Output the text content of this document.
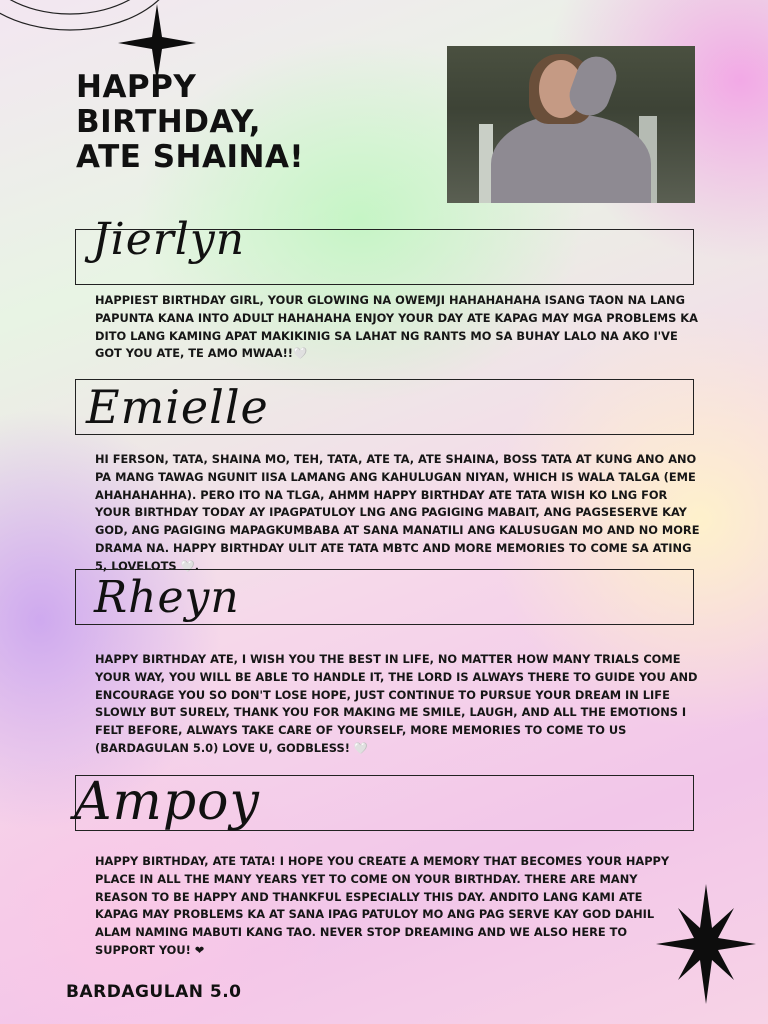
HAPPY
BIRTHDAY,
ATE SHAINA!
Jierlyn

HAPPIEST BIRTHDAY GIRL, YOUR GLOWING NA OWEMJI HAHAHAHAHA ISANG TAON NA LANG PAPUNTA KANA INTO ADULT HAHAHAHA ENJOY YOUR DAY ATE KAPAG MAY MGA PROBLEMS KA DITO LANG KAMING APAT MAKIKINIG SA LAHAT NG RANTS MO SA BUHAY LALO NA AKO I'VE GOT YOU ATE, TE AMO MWAA!!🤍

Emielle

HI FERSON, TATA, SHAINA MO, TEH, TATA, ATE TA, ATE SHAINA, BOSS TATA AT KUNG ANO ANO PA MANG TAWAG NGUNIT IISA LAMANG ANG KAHULUGAN NIYAN, WHICH IS WALA TALGA (EME AHAHAHAHHA). PERO ITO NA TLGA, AHMM HAPPY BIRTHDAY ATE TATA WISH KO LNG FOR YOUR BIRTHDAY TODAY AY IPAGPATULOY LNG ANG PAGIGING MABAIT, ANG PAGSESERVE KAY GOD, ANG PAGIGING MAPAGKUMBABA AT SANA MANATILI ANG KALUSUGAN MO AND NO MORE DRAMA NA. HAPPY BIRTHDAY ULIT ATE TATA MBTC AND MORE MEMORIES TO COME SA ATING 5, LOVELOTS 🤍.

Rheyn

HAPPY BIRTHDAY ATE, I WISH YOU THE BEST IN LIFE, NO MATTER HOW MANY TRIALS COME YOUR WAY, YOU WILL BE ABLE TO HANDLE IT, THE LORD IS ALWAYS THERE TO GUIDE YOU AND ENCOURAGE YOU SO DON'T LOSE HOPE, JUST CONTINUE TO PURSUE YOUR DREAM IN LIFE SLOWLY BUT SURELY, THANK YOU FOR MAKING ME SMILE, LAUGH, AND ALL THE EMOTIONS I FELT BEFORE, ALWAYS TAKE CARE OF YOURSELF, MORE MEMORIES TO COME TO US (BARDAGULAN 5.0) LOVE U, GODBLESS! 🤍

Ampoy

HAPPY BIRTHDAY, ATE TATA! I HOPE YOU CREATE A MEMORY THAT BECOMES YOUR HAPPY PLACE IN ALL THE MANY YEARS YET TO COME ON YOUR BIRTHDAY. THERE ARE MANY REASON TO BE HAPPY AND THANKFUL ESPECIALLY THIS DAY. ANDITO LANG KAMI ATE KAPAG MAY PROBLEMS KA AT SANA IPAG PATULOY MO ANG PAG SERVE KAY GOD DAHIL ALAM NAMING MABUTI KANG TAO. NEVER STOP DREAMING AND WE ALSO HERE TO SUPPORT YOU! ❤

BARDAGULAN 5.0
